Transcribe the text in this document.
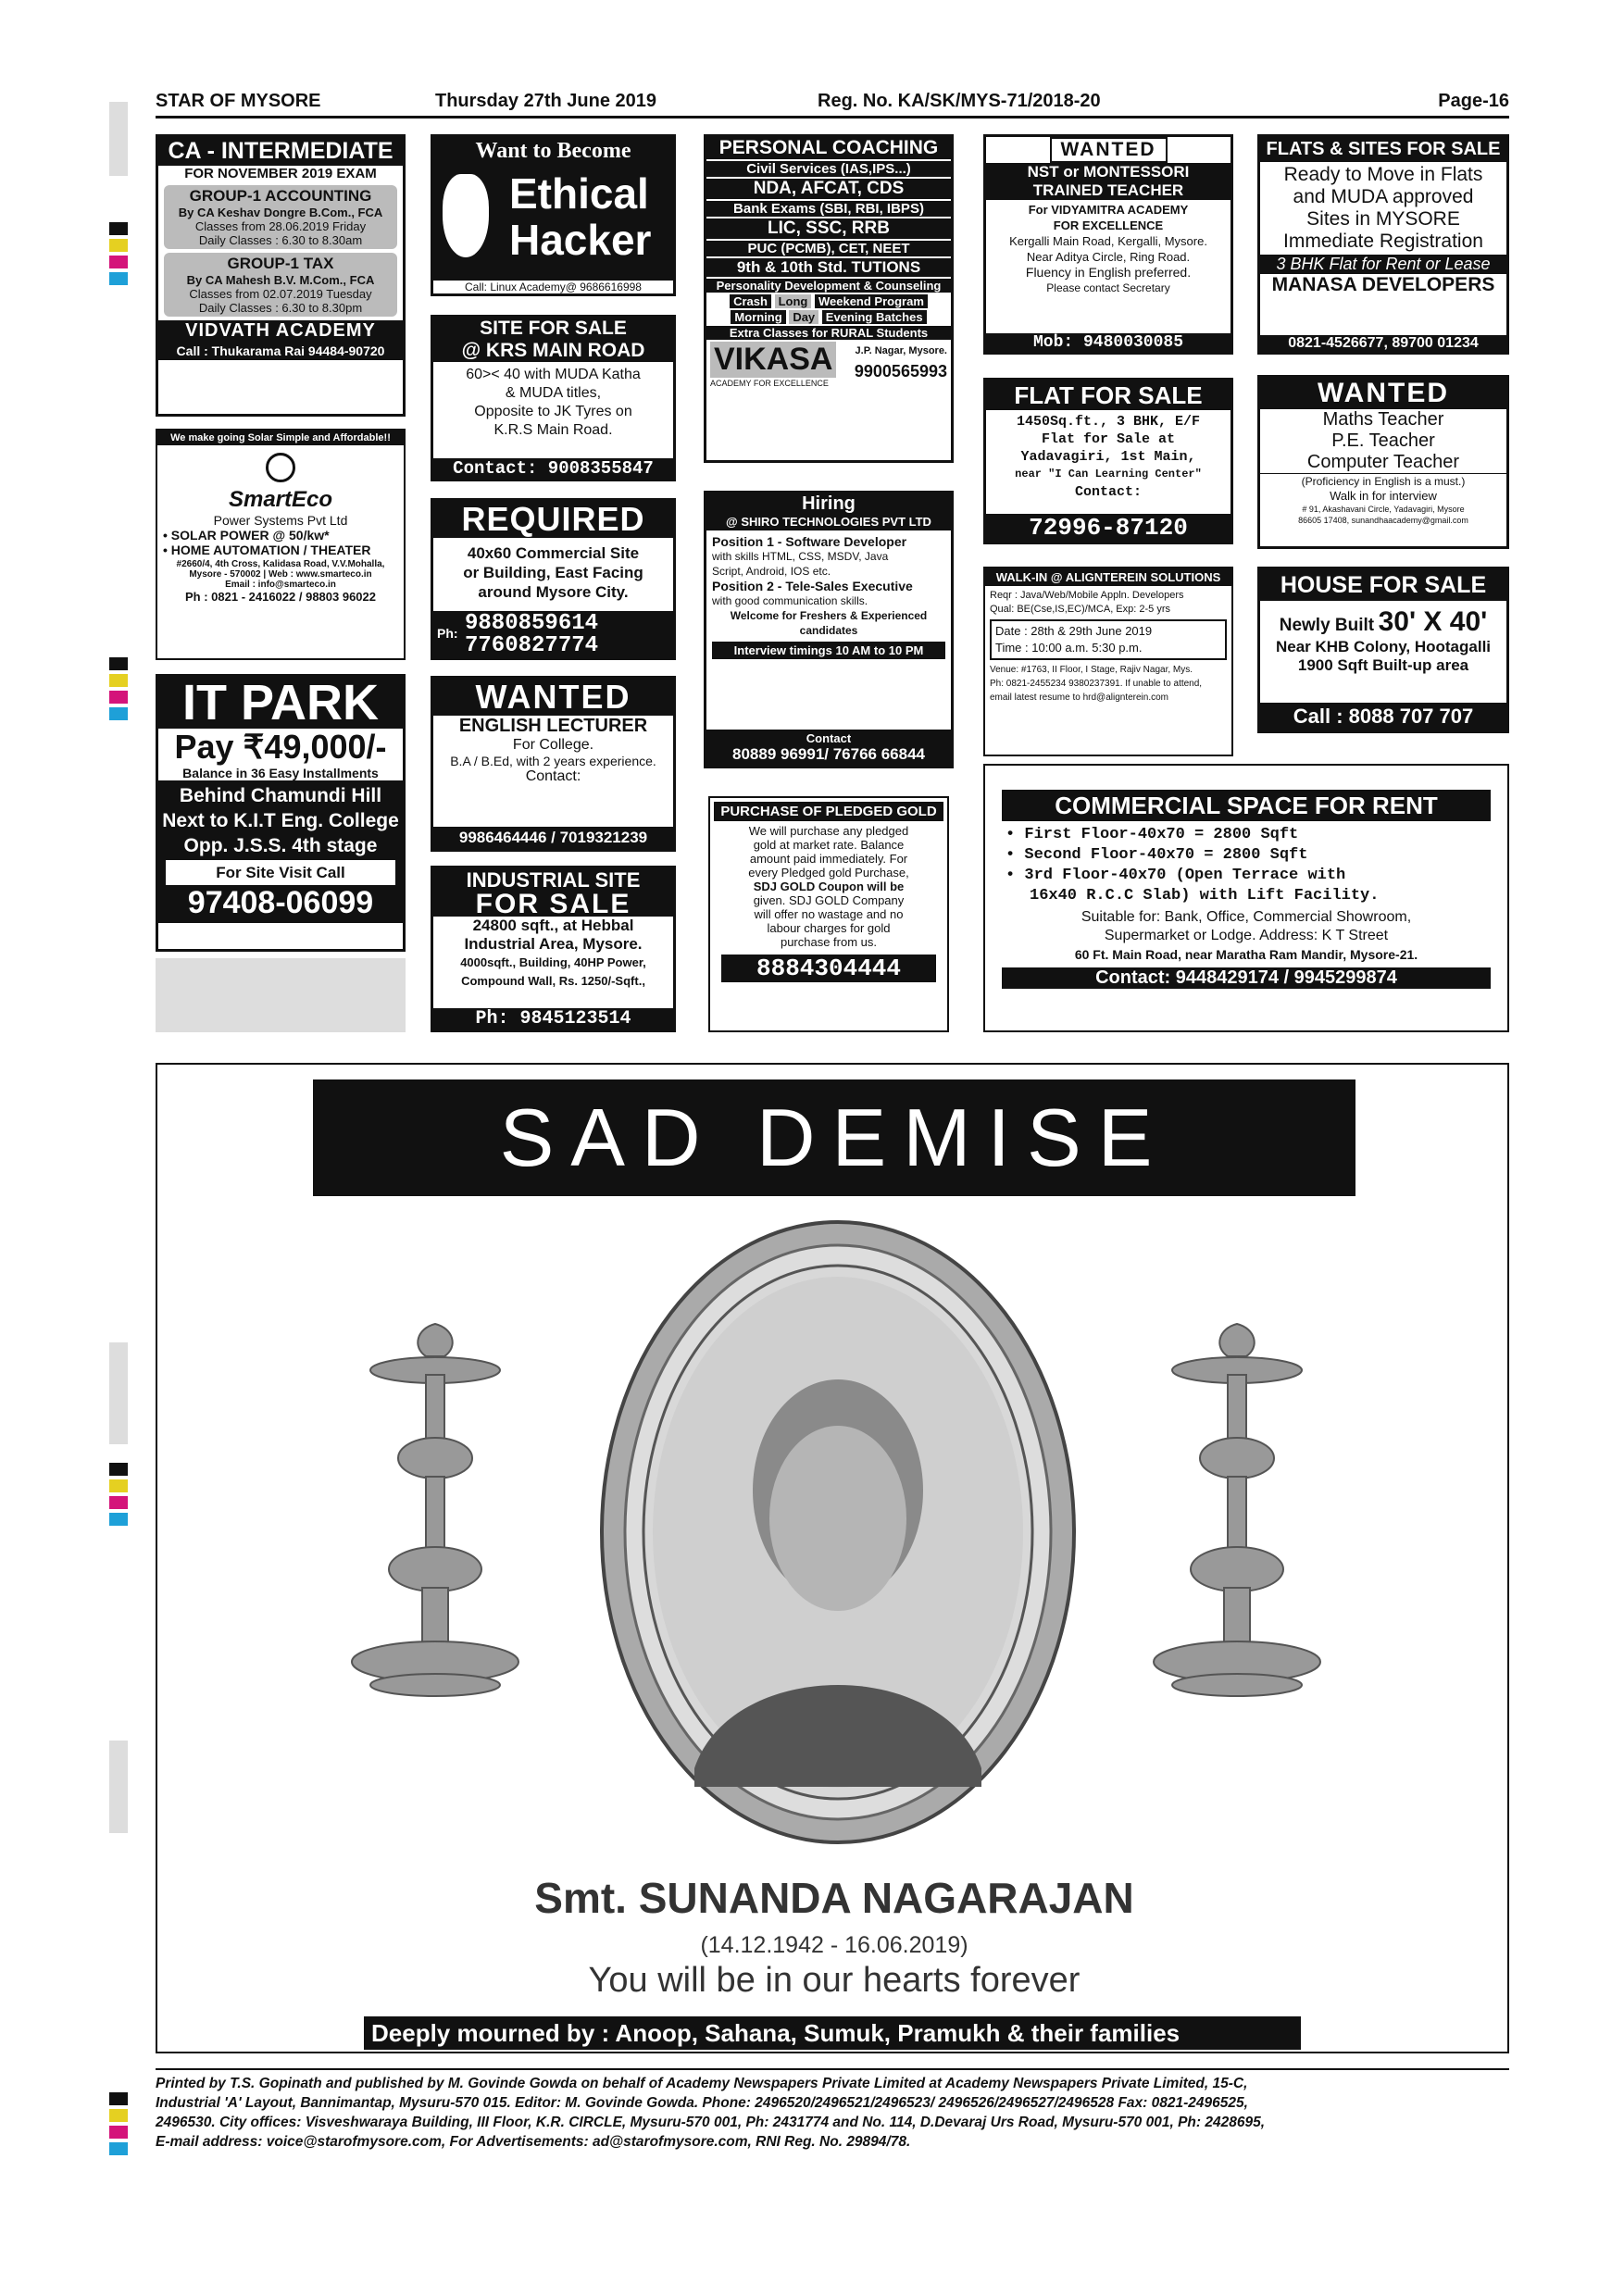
STAR OF MYSORE	Thursday 27th June 2019	Reg. No. KA/SK/MYS-71/2018-20	Page-16
CA - INTERMEDIATE
FOR NOVEMBER 2019 EXAM
GROUP-1 ACCOUNTING
By CA Keshav Dongre B.Com., FCA
Classes from 28.06.2019 Friday
Daily Classes : 6.30 to 8.30am
GROUP-1 TAX
By CA Mahesh B.V. M.Com., FCA
Classes from 02.07.2019 Tuesday
Daily Classes : 6.30 to 8.30pm
VIDVATH ACADEMY
Call : Thukarama Rai 94484-90720
We make going Solar Simple and Affordable!!
SmartEco
Power Systems Pvt Ltd
• SOLAR POWER @ 50/kw*
• HOME AUTOMATION / THEATER
#2660/4, 4th Cross, Kalidasa Road, V.V.Mohalla,
Mysore - 570002 | Web : www.smarteco.in
Email : info@smarteco.in
Ph : 0821 - 2416022 / 98803 96022
IT PARK
Pay ₹49,000/-
Balance in 36 Easy Installments
Behind Chamundi Hill
Next to K.I.T Eng. College
Opp. J.S.S. 4th stage
For Site Visit Call
97408-06099
Want to Become
Ethical
Hacker
Call: Linux Academy@ 9686616998
SITE FOR SALE
@ KRS MAIN ROAD
60>< 40 with MUDA Katha
& MUDA titles,
Opposite to JK Tyres on
K.R.S Main Road.
Contact: 9008355847
REQUIRED
40x60 Commercial Site
or Building, East Facing
around Mysore City.
Ph: 9880859614
7760827774
WANTED
ENGLISH LECTURER
For College.
B.A / B.Ed, with 2 years experience.
Contact:
9986464446 / 7019321239
INDUSTRIAL SITE
FOR SALE
24800 sqft., at Hebbal
Industrial Area, Mysore.
4000sqft., Building, 40HP Power,
Compound Wall, Rs. 1250/-Sqft.,
Ph: 9845123514
PERSONAL COACHING
Civil Services (IAS,IPS...)
NDA, AFCAT, CDS
Bank Exams (SBI, RBI, IBPS)
LIC, SSC, RRB
PUC (PCMB), CET, NEET
9th & 10th Std. TUTIONS
Personality Development & Counseling
Crash Long Weekend Program
Morning Day Evening Batches
Extra Classes for RURAL Students
VIKASA
ACADEMY FOR EXCELLENCE
J.P. Nagar, Mysore.
9900565993
Hiring
@ SHIRO TECHNOLOGIES PVT LTD
Position 1 - Software Developer
with skills HTML, CSS, MSDV, Java
Script, Android, IOS etc.
Position 2 - Tele-Sales Executive
with good communication skills.
Welcome for Freshers & Experienced
candidates
Interview timings 10 AM to 10 PM
Contact
80889 96991/ 76766 66844
PURCHASE OF PLEDGED GOLD
We will purchase any pledged
gold at market rate. Balance
amount paid immediately. For
every Pledged gold Purchase,
SDJ GOLD Coupon will be
given. SDJ GOLD Company
will offer no wastage and no
labour charges for gold
purchase from us.
8884304444
WANTED
NST or MONTESSORI
TRAINED TEACHER
For VIDYAMITRA ACADEMY
FOR EXCELLENCE
Kergalli Main Road, Kergalli, Mysore.
Near Aditya Circle, Ring Road.
Fluency in English preferred.
Please contact Secretary
Mob: 9480030085
FLAT FOR SALE
1450Sq.ft., 3 BHK, E/F
Flat for Sale at
Yadavagiri, 1st Main,
near "I Can Learning Center"
Contact:
72996-87120
WALK-IN @ ALIGNTEREIN SOLUTIONS
Reqr : Java/Web/Mobile Appln. Developers
Qual: BE(Cse,IS,EC)/MCA, Exp: 2-5 yrs
Date : 28th & 29th June 2019
Time : 10:00 a.m. 5:30 p.m.
Venue: #1763, II Floor, I Stage, Rajiv Nagar, Mys.
Ph: 0821-2455234 9380237391. If unable to attend,
email latest resume to hrd@alignterein.com
FLATS & SITES FOR SALE
Ready to Move in Flats
and MUDA approved
Sites in MYSORE
Immediate Registration
3 BHK Flat for Rent or Lease
MANASA DEVELOPERS
0821-4526677, 89700 01234
WANTED
Maths Teacher
P.E. Teacher
Computer Teacher
(Proficiency in English is a must.)
Walk in for interview
# 91, Akashavani Circle, Yadavagiri, Mysore
86605 17408, sunandhaacademy@gmail.com
HOUSE FOR SALE
Newly Built 30' X 40'
Near KHB Colony, Hootagalli
1900 Sqft Built-up area
Call : 8088 707 707
COMMERCIAL SPACE FOR RENT
• First Floor-40x70 = 2800 Sqft
• Second Floor-40x70 = 2800 Sqft
• 3rd Floor-40x70 (Open Terrace with
16x40 R.C.C Slab) with Lift Facility.
Suitable for: Bank, Office, Commercial Showroom,
Supermarket or Lodge. Address: K T Street
60 Ft. Main Road, near Maratha Ram Mandir, Mysore-21.
Contact: 9448429174 / 9945299874
SAD DEMISE
Smt. SUNANDA NAGARAJAN
(14.12.1942 - 16.06.2019)
You will be in our hearts forever
Deeply mourned by : Anoop, Sahana, Sumuk, Pramukh & their families
Printed by T.S. Gopinath and published by M. Govinde Gowda on behalf of Academy Newspapers Private Limited at Academy Newspapers Private Limited, 15-C,
Industrial 'A' Layout, Bannimantap, Mysuru-570 015. Editor: M. Govinde Gowda. Phone: 2496520/2496521/2496523/ 2496526/2496527/2496528 Fax: 0821-2496525,
2496530. City offices: Visveshwaraya Building, III Floor, K.R. CIRCLE, Mysuru-570 001, Ph: 2431774 and No. 114, D.Devaraj Urs Road, Mysuru-570 001, Ph: 2428695,
E-mail address: voice@starofmysore.com, For Advertisements: ad@starofmysore.com, RNI Reg. No. 29894/78.
